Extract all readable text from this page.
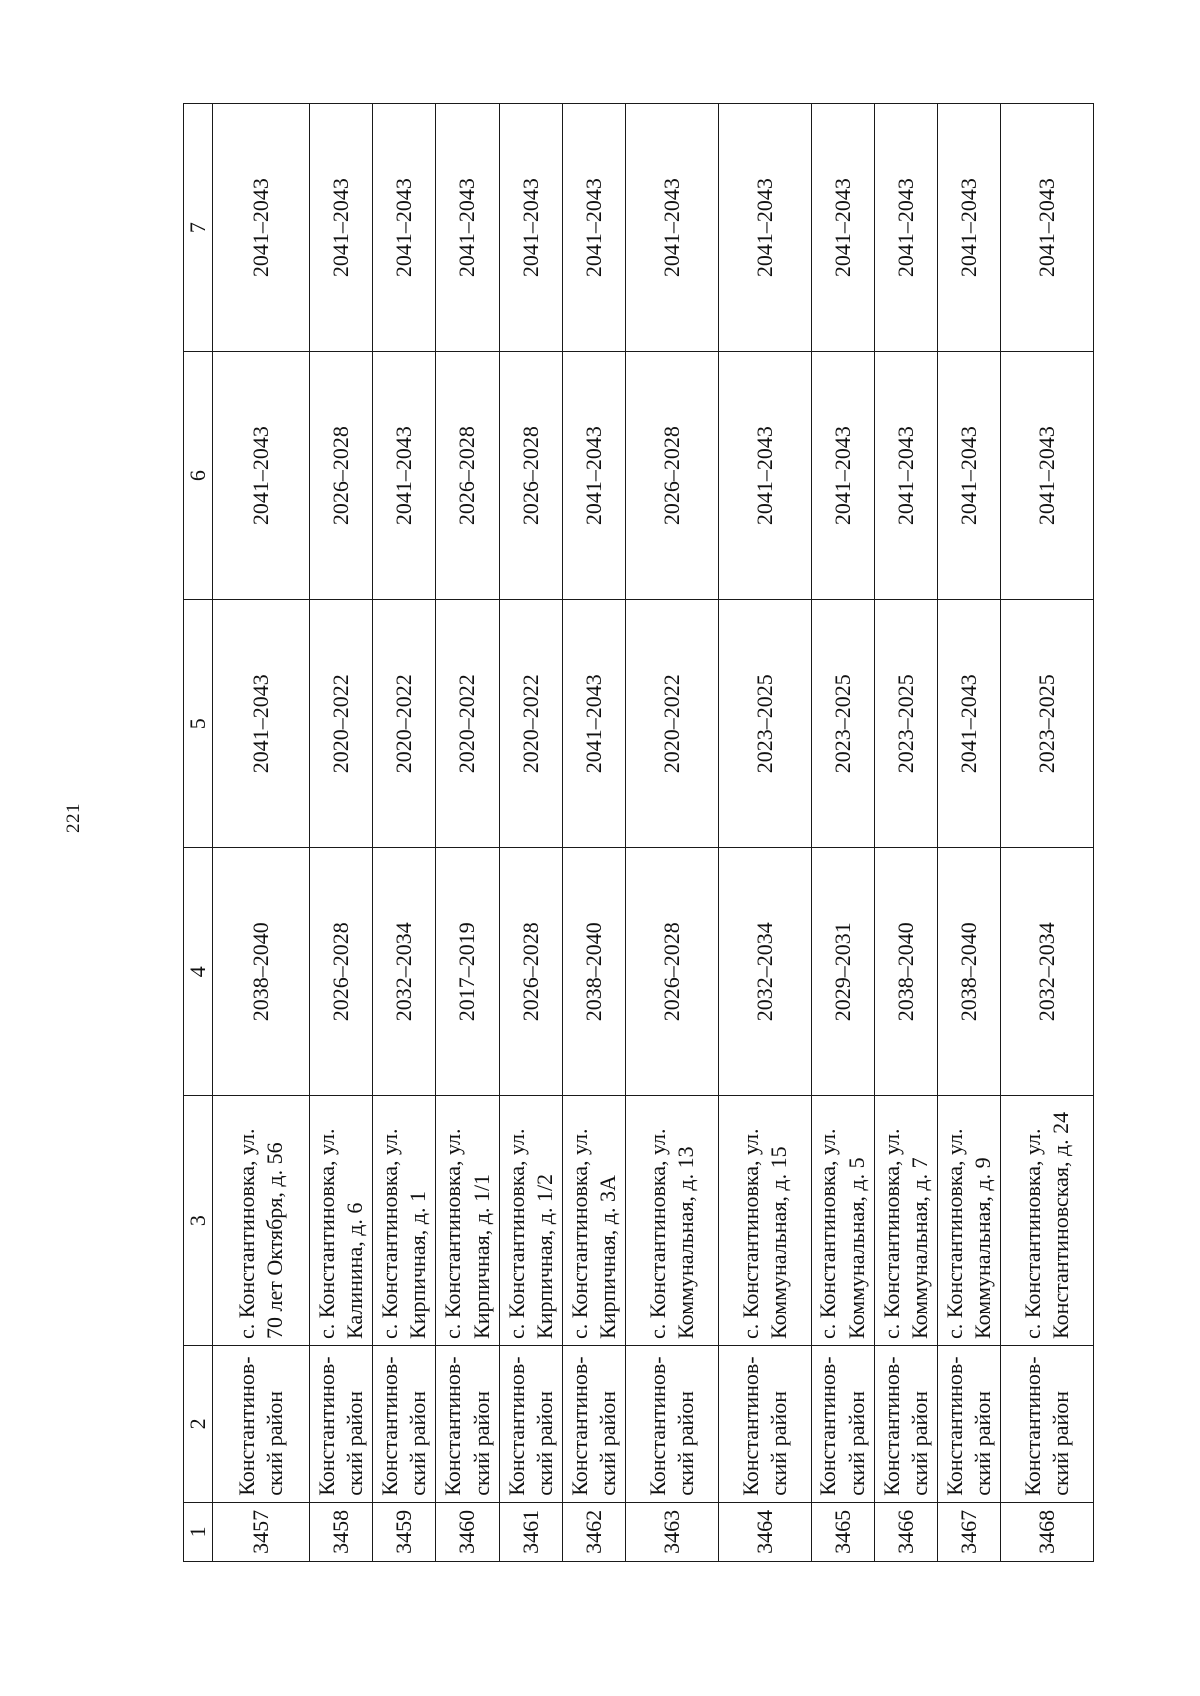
221
1	2	3	4	5	6	7
3457	Константинов-ский район	с. Константиновка, ул. 70 лет Октября, д. 56	2038–2040	2041–2043	2041–2043	2041–2043
3458	Константинов-ский район	с. Константиновка, ул. Калинина, д. 6	2026–2028	2020–2022	2026–2028	2041–2043
3459	Константинов-ский район	с. Константиновка, ул. Кирпичная, д. 1	2032–2034	2020–2022	2041–2043	2041–2043
3460	Константинов-ский район	с. Константиновка, ул. Кирпичная, д. 1/1	2017–2019	2020–2022	2026–2028	2041–2043
3461	Константинов-ский район	с. Константиновка, ул. Кирпичная, д. 1/2	2026–2028	2020–2022	2026–2028	2041–2043
3462	Константинов-ский район	с. Константиновка, ул. Кирпичная, д. 3А	2038–2040	2041–2043	2041–2043	2041–2043
3463	Константинов-ский район	с. Константиновка, ул. Коммунальная, д. 13	2026–2028	2020–2022	2026–2028	2041–2043
3464	Константинов-ский район	с. Константиновка, ул. Коммунальная, д. 15	2032–2034	2023–2025	2041–2043	2041–2043
3465	Константинов-ский район	с. Константиновка, ул. Коммунальная, д. 5	2029–2031	2023–2025	2041–2043	2041–2043
3466	Константинов-ский район	с. Константиновка, ул. Коммунальная, д. 7	2038–2040	2023–2025	2041–2043	2041–2043
3467	Константинов-ский район	с. Константиновка, ул. Коммунальная, д. 9	2038–2040	2041–2043	2041–2043	2041–2043
3468	Константинов-ский район	с. Константиновка, ул. Константиновская, д. 24	2032–2034	2023–2025	2041–2043	2041–2043
